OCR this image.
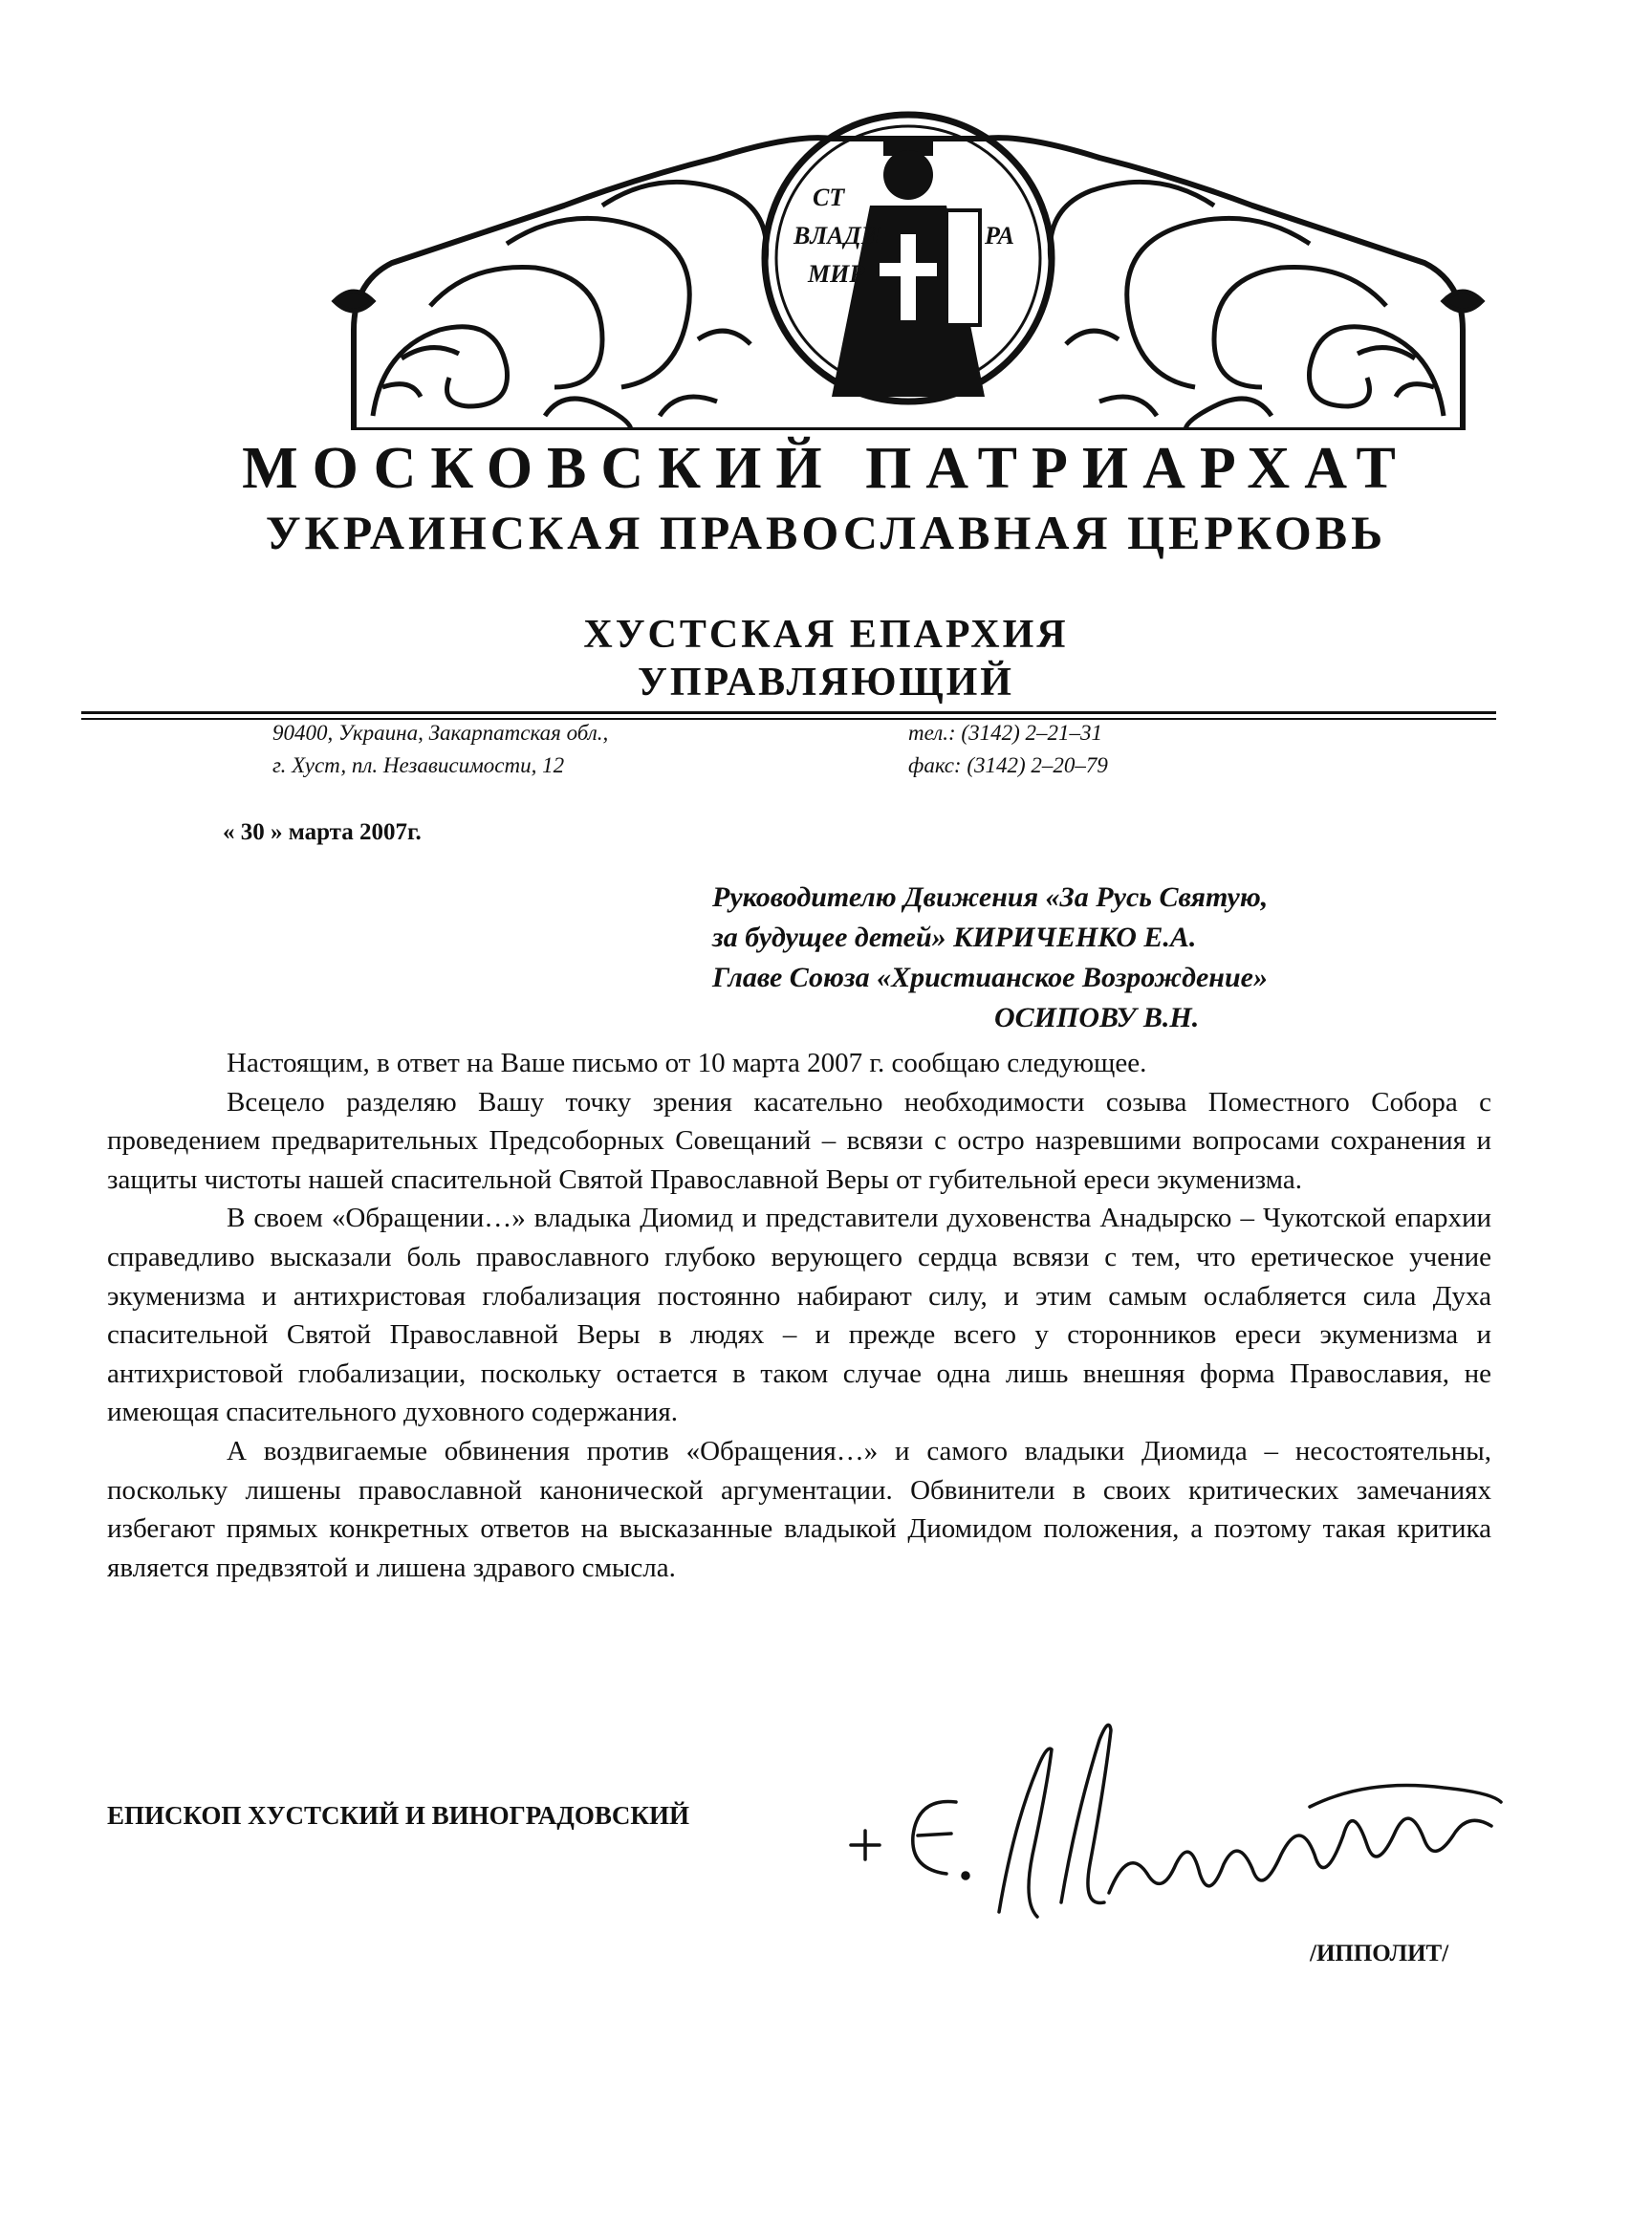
СТ
ВЛАДИ
МИР
РА
МОСКОВСКИЙ ПАТРИАРХАТ
УКРАИНСКАЯ ПРАВОСЛАВНАЯ ЦЕРКОВЬ
ХУСТСКАЯ ЕПАРХИЯ
УПРАВЛЯЮЩИЙ
90400, Украина, Закарпатская обл.,
г. Хуст, пл. Независимости, 12
тел.: (3142) 2–21–31
факс: (3142) 2–20–79
« 30 » марта 2007г.
Руководителю Движения «За Русь Святую,
за будущее детей» КИРИЧЕНКО Е.А.
Главе Союза «Христианское Возрождение»
ОСИПОВУ В.Н.

Настоящим, в ответ на Ваше письмо от 10 марта 2007 г. сообщаю следующее.

Всецело разделяю Вашу точку зрения касательно необходимости созыва Поместного Собора с проведением предварительных Предсоборных Совещаний – всвязи с остро назревшими вопросами сохранения и защиты чистоты нашей спасительной Святой Православной Веры от губительной ереси экуменизма.

В своем «Обращении…» владыка Диомид и представители духовенства Анадырско – Чукотской епархии справедливо высказали боль православного глубоко верующего сердца всвязи с тем, что еретическое учение экуменизма и антихристовая глобализация постоянно набирают силу, и этим самым ослабляется сила Духа спасительной Святой Православной Веры в людях – и прежде всего у сторонников ереси экуменизма и антихристовой глобализации, поскольку остается в таком случае одна лишь внешняя форма Православия, не имеющая спасительного духовного содержания.

А воздвигаемые обвинения против «Обращения…» и самого владыки Диомида – несостоятельны, поскольку лишены православной канонической аргументации. Обвинители в своих критических замечаниях избегают прямых конкретных ответов на высказанные владыкой Диомидом положения, а поэтому такая критика является предвзятой и лишена здравого смысла.

ЕПИСКОП ХУСТСКИЙ И ВИНОГРАДОВСКИЙ
+Е. Ипполит
/ИППОЛИТ/
